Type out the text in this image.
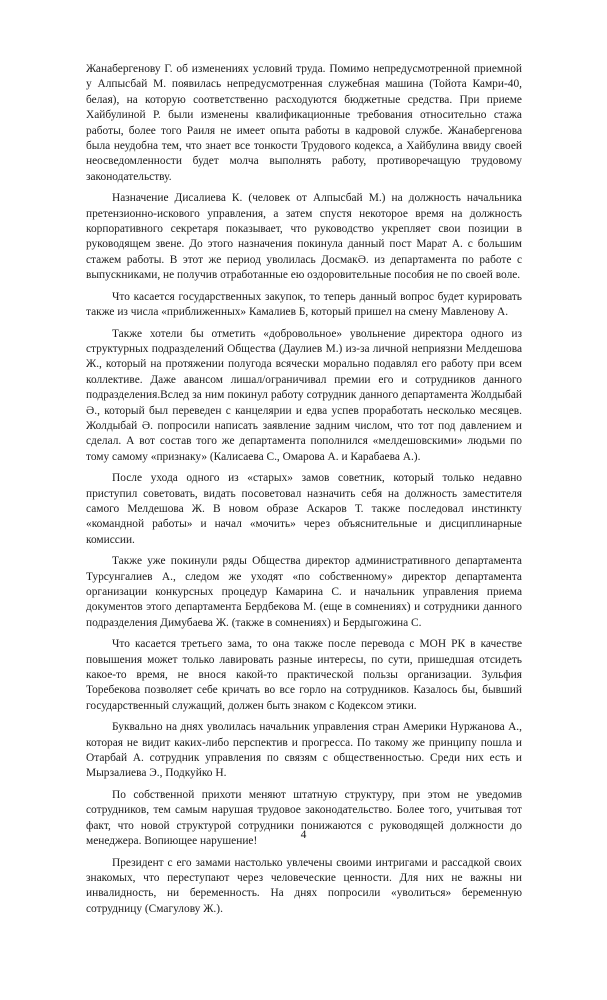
Жанабергенову Г. об изменениях условий труда. Помимо непредусмотренной приемной у Алпысбай М. появилась непредусмотренная служебная машина (Тойота Камри-40, белая), на которую соответственно расходуются бюджетные средства. При приеме Хайбулиной Р. были изменены квалификационные требования относительно стажа работы, более того Раиля не имеет опыта работы в кадровой службе. Жанабергенова была неудобна тем, что знает все тонкости Трудового кодекса, а Хайбулина ввиду своей неосведомленности будет молча выполнять работу, противоречащую трудовому законодательству.

Назначение Дисалиева К. (человек от Алпысбай М.) на должность начальника претензионно-искового управления, а затем спустя некоторое время на должность корпоративного секретаря показывает, что руководство укрепляет свои позиции в руководящем звене. До этого назначения покинула данный пост Марат А. с большим стажем работы. В этот же период уволилась ДосмакӘ. из департамента по работе с выпускниками, не получив отработанные ею оздоровительные пособия не по своей воле.

Что касается государственных закупок, то теперь данный вопрос будет курировать также из числа «приближенных» Камалиев Б, который пришел на смену Мавленову А.

Также хотели бы отметить «добровольное» увольнение директора одного из структурных подразделений Общества (Даулиев М.) из-за личной неприязни Мелдешова Ж., который на протяжении полугода всячески морально подавлял его работу при всем коллективе. Даже авансом лишал/ограничивал премии его и сотрудников данного подразделения.Вслед за ним покинул работу сотрудник данного департамента Жолдыбай Ә., который был переведен с канцелярии и едва успев проработать несколько месяцев. Жолдыбай Ә. попросили написать заявление задним числом, что тот под давлением и сделал. А вот состав того же департамента пополнился «мелдешовскими» людьми по тому самому «признаку» (Калисаева С., Омарова А. и Карабаева А.).

После ухода одного из «старых» замов советник, который только недавно приступил советовать, видать посоветовал назначить себя на должность заместителя самого Мелдешова Ж. В новом образе Аскаров Т. также последовал инстинкту «командной работы» и начал «мочить» через объяснительные и дисциплинарные комиссии.

Также уже покинули ряды Общества директор административного департамента Турсунгалиев А., следом же уходят «по собственному» директор департамента организации конкурсных процедур Камарина С. и начальник управления приема документов этого департамента Бердбекова М. (еще в сомнениях) и сотрудники данного подразделения Димубаева Ж. (также в сомнениях) и Бердыгожина С.

Что касается третьего зама, то она также после перевода с МОН РК в качестве повышения может только лавировать разные интересы, по сути, пришедшая отсидеть какое-то время, не внося какой-то практической пользы организации. Зульфия Торебекова позволяет себе кричать во все горло на сотрудников. Казалось бы, бывший государственный служащий, должен быть знаком с Кодексом этики.

Буквально на днях уволилась начальник управления стран Америки Нуржанова А., которая не видит каких-либо перспектив и прогресса. По такому же принципу пошла и Отарбай А. сотрудник управления по связям с общественностью. Среди них есть и Мырзалиева Э., Подкуйко Н.

По собственной прихоти меняют штатную структуру, при этом не уведомив сотрудников, тем самым нарушая трудовое законодательство. Более того, учитывая тот факт, что новой структурой сотрудники понижаются с руководящей должности до менеджера. Вопиющее нарушение!

Президент с его замами настолько увлечены своими интригами и рассадкой своих знакомых, что переступают через человеческие ценности. Для них не важны ни инвалидность, ни беременность. На днях попросили «уволиться» беременную сотрудницу (Смагулову Ж.).

4
